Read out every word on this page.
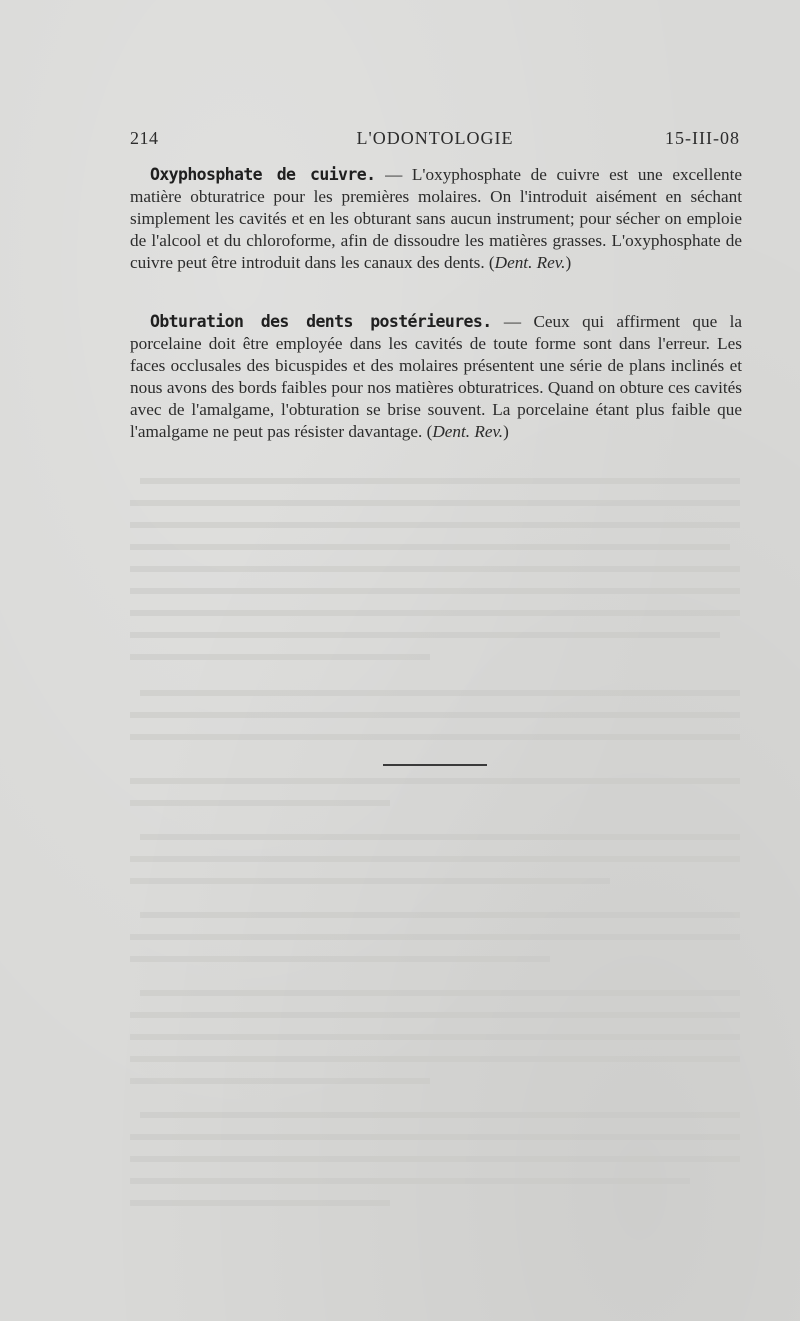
214	L'ODONTOLOGIE	15-III-08

Oxyphosphate de cuivre. — L'oxyphosphate de cuivre est une excellente matière obturatrice pour les premières molaires. On l'introduit aisément en séchant simplement les cavités et en les obturant sans aucun instrument; pour sécher on emploie de l'alcool et du chloroforme, afin de dissoudre les matières grasses. L'oxyphosphate de cuivre peut être introduit dans les canaux des dents. (Dent. Rev.)

Obturation des dents postérieures. — Ceux qui affirment que la porcelaine doit être employée dans les cavités de toute forme sont dans l'erreur. Les faces occlusales des bicuspides et des molaires présentent une série de plans inclinés et nous avons des bords faibles pour nos matières obturatrices. Quand on obture ces cavités avec de l'amalgame, l'obturation se brise souvent. La porcelaine étant plus faible que l'amalgame ne peut pas résister davantage. (Dent. Rev.)
